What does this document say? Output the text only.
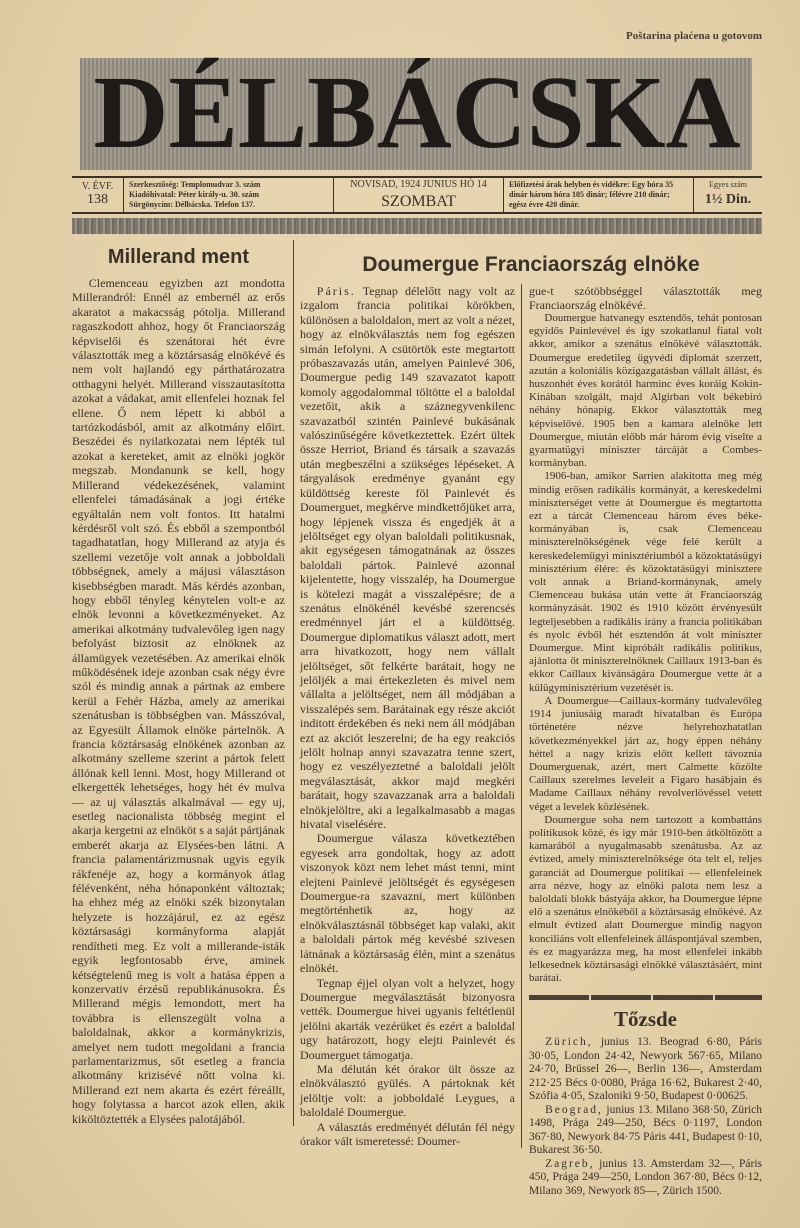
Poštarina plaćena u gotovom
DÉLBÁCSKA
V. ÉVF.
138
Szerkesztőség: Templomudvar 3. szám
Kiadóhivatal: Péter király-u. 30. szám
Sürgönycím: Délbácska. Telefon 137.
NOVISAD, 1924 JUNIUS HÓ 14
SZOMBAT
Előfizetési árak helyben és vidékre: Egy hóra 35 dinár három hóra 105 dinár; félévre 210 dinár; egész évre 420 dinár.
Egyes szám
1½ Din.
Millerand ment

Clemenceau egyizben azt mondotta Millerandról: Ennél az embernél az erős akaratot a makacsság pótolja. Millerand ragaszkodott ahhoz, hogy őt Franciaország képviselői és szenátorai hét évre választották meg a köztársaság elnökévé és nem volt hajlandó egy párthatározatra otthagyni helyét. Millerand visszautasította azokat a vádakat, amit ellenfelei hoznak fel ellene. Ő nem lépett ki abból a tartózkodásból, amit az alkotmány előirt. Beszédei és nyilatkozatai nem lépték tul azokat a kereteket, amit az elnöki jogkör megszab. Mondanunk se kell, hogy Millerand védekezésének, valamint ellenfelei támadásának a jogi értéke egyáltalán nem volt fontos. Itt hatalmi kérdésről volt szó. És ebből a szempontból tagadhatatlan, hogy Millerand az atyja és szellemi vezetője volt annak a jobboldali többségnek, amely a májusi választáson kisebbségben maradt. Más kérdés azonban, hogy ebből tényleg kénytelen volt-e az elnök levonni a következményeket. Az amerikai alkotmány tudvalevőleg igen nagy befolyást biztosit az elnöknek az államügyek vezetésében. Az amerikai elnök működésének ideje azonban csak négy évre szól és mindig annak a pártnak az embere kerül a Fehér Házba, amely az amerikai szenátusban is többségben van. Másszóval, az Egyesült Államok elnöke pártelnök. A francia köztársaság elnökének azonban az alkotmány szelleme szerint a pártok felett állónak kell lenni. Most, hogy Millerand ot elkergették lehetséges, hogy hét év mulva — az uj választás alkalmával — egy uj, esetleg nacionalista többség megint el akarja kergetni az elnököt s a saját pártjának emberét akarja az Elysées-ben látni. A francia palamentárizmusnak ugyis egyik rákfenéje az, hogy a kormányok átlag félévenként, néha hónaponként változtak; ha ehhez még az elnöki szék bizonytalan helyzete is hozzájárul, ez az egész köztársasági kormányforma alapját rendítheti meg. Ez volt a millerande-isták egyik legfontosabb érve, aminek kétségtelenű meg is volt a hatása éppen a konzervativ érzésű republikánusokra. És Millerand mégis lemondott, mert ha továbbra is ellenszegült volna a baloldalnak, akkor a kormánykrizis, amelyet nem tudott megoldani a francia parlamentarizmus, sőt esetleg a francia alkotmány krizisévé nőtt volna ki. Millerand ezt nem akarta és ezért féreállt, hogy folytassa a harcot azok ellen, akik kiköltöztették a Elysées palotájából.

Doumergue Franciaország elnöke

Páris. Tegnap délelőtt nagy volt az izgalom francia politikai körökben, különösen a baloldalon, mert az volt a nézet, hogy az elnökválasztás nem fog egészen simán lefolyni. A csütörtök este megtartott próbaszavazás után, amelyen Painlevé 306, Doumergue pedig 149 szavazatot kapott komoly aggodalommal töltötte el a baloldal vezetőit, akik a száznegyvenkilenc szavazatból szintén Painlevé bukásának valószinűségére következtettek. Ezért ültek össze Herriot, Briand és társaik a szavazás után megbeszélni a szükséges lépéseket. A tárgyalások eredménye gyanánt egy küldöttség kereste föl Painlevét és Doumerguet, megkérve mindkettőjüket arra, hogy lépjenek vissza és engedjék át a jelöltséget egy olyan baloldali politikusnak, akit egységesen támogatnának az összes baloldali pártok. Painlevé azonnal kijelentette, hogy visszalép, ha Doumergue is kötelezi magát a visszalépésre; de a szenátus elnökénél kevésbé szerencsés eredménnyel járt el a küldöttség. Doumergue diplomatikus választ adott, mert arra hivatkozott, hogy nem vállalt jelöltséget, sőt felkérte barátait, hogy ne jelöljék a mai értekezleten és mivel nem vállalta a jelöltséget, nem áll módjában a visszalépés sem. Barátainak egy része akciót inditott érdekében és neki nem áll módjában ezt az akciót leszerelni; de ha egy reakciós jelölt holnap annyi szavazatra tenne szert, hogy ez veszélyeztetné a baloldali jelölt megválasztását, akkor majd megkéri barátait, hogy szavazzanak arra a baloldali elnökjelöltre, aki a legalkalmasabb a magas hivatal viselésére.

Doumergue válasza következtében egyesek arra gondoltak, hogy az adott viszonyok közt nem lehet mást tenni, mint elejteni Painlevé jelöltségét és egységesen Doumergue-ra szavazni, mert különben megtörténhetik az, hogy az elnökválasztásnál többséget kap valaki, akit a baloldali pártok még kevésbé szivesen látnának a köztársaság élén, mint a szenátus elnökét.

Tegnap éjjel olyan volt a helyzet, hogy Doumergue megválasztását bizonyosra vették. Doumergue hivei ugyanis feltétlenül jelölni akarták vezérüket és ezért a baloldal ugy határozott, hogy elejti Painlevét és Doumerguet támogatja.

Ma délután két órakor ült össze az elnökválasztó gyülés. A pártoknak két jelöltje volt: a jobboldalé Leygues, a baloldalé Doumergue.

A választás eredményét délután fél négy órakor vált ismeretessé: Doumer-

gue-t szótöbbséggel választották meg Franciaország elnökévé.

Doumergue hatvanegy esztendős, tehát pontosan egyidős Painlevével és igy szokatlanul fiatal volt akkor, amikor a szenátus elnökévé választották. Doumergue eredetileg ügyvédi diplomát szerzett, azután a koloniális közigazgatásban vállalt állást, és huszonhét éves korától harminc éves koráig Kokin-Kinában szolgált, majd Algirban volt békebiró néhány hónapig. Ekkor választották meg képviselővé. 1905 ben a kamara alelnöke lett Doumergue, miután előbb már három évig viselte a gyarmatügyi miniszter tárcáját a Combes-kormányban.

1906-ban, amikor Sarrien alakitotta meg még mindig erősen radikális kormányát, a kereskedelmi miniszterséget vette át Doumergue és megtartotta ezt a tárcát Clemenceau három éves béke-kormányában is, csak Clemenceau miniszterelnökségének vége felé került a kereskedelemügyi minisztériumból a közoktatásügyi minisztérium élére: és közoktatásügyi minisztere volt annak a Briand-kormánynak, amely Clemenceau bukása után vette át Franciaország kormányzását. 1902 és 1910 között érvényesült legteljesebben a radikális irány a francia politikában és nyolc évből hét esztendőn át volt miniszter Doumergue. Mint kipróbált radikális politikus, ajánlotta őt miniszterelnöknek Caillaux 1913-ban és ekkor Caillaux kivánságára Doumergue vette át a külügyminisztérium vezetését is.

A Doumergue—Caillaux-kormány tudvalevőleg 1914 juniusáig maradt hivatalban és Európa történetére nézve helyrehozhatatlan következményekkel járt az, hogy éppen néhány héttel a nagy krizis előtt kellett távoznia Doumerguenak, azért, mert Calmette közölte Caillaux szerelmes leveleit a Figaro hasábjain és Madame Caillaux néhány revolverlövéssel vetett véget a levelek közlésének.

Doumergue soha nem tartozott a kombattáns politikusok közé, és igy már 1910-ben átköltözött a kamarából a nyugalmasabb szenátusba. Az az évtized, amely miniszterelnöksége óta telt el, teljes garanciát ad Doumergue politikai — ellenfeleinek arra nézve, hogy az elnöki palota nem lesz a baloldali blokk bástyája akkor, ha Doumergue lépne elő a szenátus elnökéből a köztársaság elnökévé. Az elmult évtized alatt Doumergue mindig nagyon konciliáns volt ellenfeleinek álláspontjával szemben, és ez magyarázza meg, ha most ellenfelei inkább lelkesednek köztársasági elnökké választásáért, mint barátai.

Tőzsde

Zürich, junius 13. Beograd 6·80, Páris 30·05, London 24·42, Newyork 567·65, Milano 24·70, Brüssel 26—, Berlin 136—, Amsterdam 212·25 Bécs 0·0080, Prága 16·62, Bukarest 2·40, Szófia 4·05, Szaloniki 9·50, Budapest 0·00625.

Beograd, junius 13. Milano 368·50, Zürich 1498, Prága 249—250, Bécs 0·1197, London 367·80, Newyork 84·75 Páris 441, Budapest 0·10, Bukarest 36·50.

Zagreb, junius 13. Amsterdam 32—, Páris 450, Prága 249—250, London 367·80, Bécs 0·12, Milano 369, Newyork 85—, Zürich 1500.
